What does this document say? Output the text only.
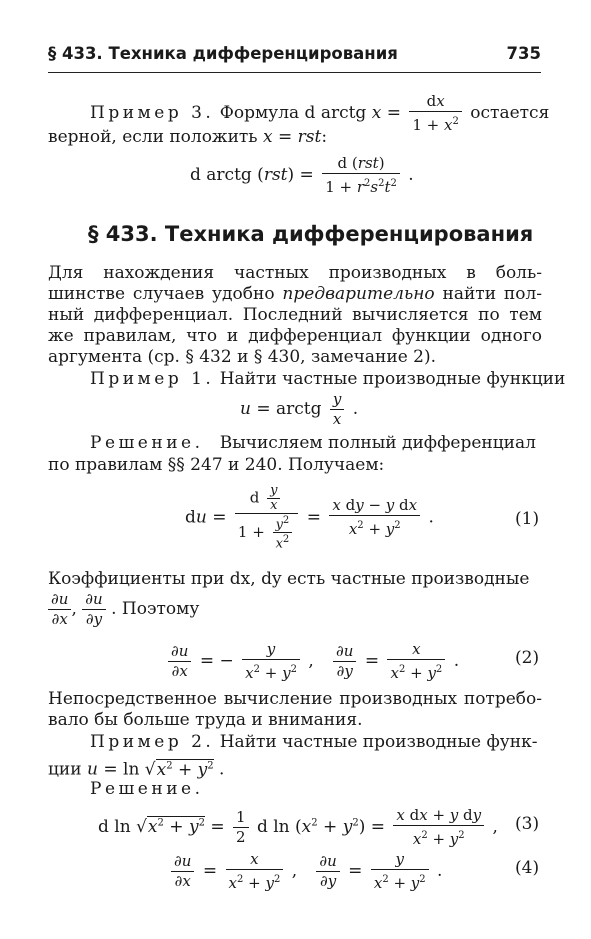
§ 433. Техника дифференцирования	735
Пример 3. Формула d arctg $x = \frac{dx}{1 + x^2}$ остается
верной, если положить x = rst:
d arctg $(rst) = \frac{\text{d (rst)}}{1 + r^2s^2t^2}$ .
§ 433. Техника дифференцирования
Для нахождения частных производных в боль-
шинстве случаев удобно предварительно найти пол-
ный дифференциал. Последний вычисляется по тем
же правилам, что и дифференциал функции одного
аргумента (ср. § 432 и § 430, замечание 2).
Пример 1. Найти частные производные функции
u = arctg $\frac{y}{x}$ .
Решение. Вычисляем полный дифференциал
по правилам §§ 247 и 240. Получаем:
du = $\frac{d \frac{y}{x}}{1 + \frac{y^2}{x^2}} = \frac{\text{x dy − y dx}}{x^2 + y^2}$ .	(1)
Коэффициенты при dx, dy есть частные производные
$\frac{\partial u}{\partial x}$ , $\frac{\partial u}{\partial y}$ . Поэтому
$\frac{\partial u}{\partial x}$ = − $\frac{y}{x^2 + y^2}$ , $\frac{\partial u}{\partial y} = \frac{x}{x^2 + y^2}$ .	(2)
Непосредственное вычисление производных потребо-
вало бы больше труда и внимания.
Пример 2. Найти частные производные функ-
ции $u = \ln √x^2 + y^2$ .
Решение.
d $\ln √x^2 + y^2 = \frac{1}{2}$ d $\ln (x^2 + y^2) = \frac{\text{x dx + y dy}}{x^2 + y^2}$ , (3)
$\frac{\partial u}{\partial x} = \frac{x}{x^2 + y^2}$ , $\frac{\partial u}{\partial y} = \frac{y}{x^2 + y^2}$ .	(4)
